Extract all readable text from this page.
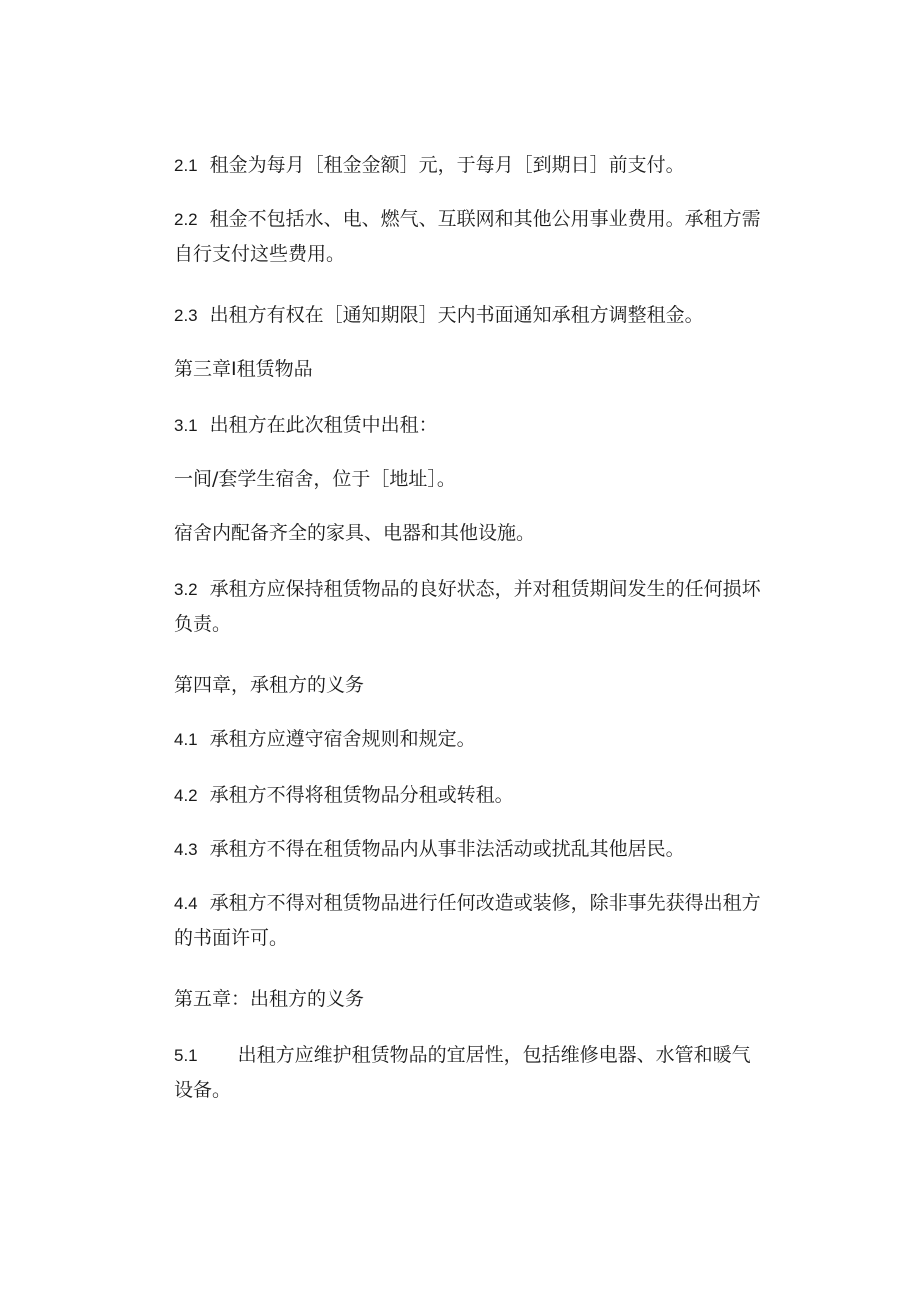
2.1 租金为每月［租金金额］元，于每月［到期日］前支付。

2.2 租金不包括水、电、燃气、互联网和其他公用事业费用。承租方需自行支付这些费用。

2.3 出租方有权在［通知期限］天内书面通知承租方调整租金。

第三章I租赁物品

3.1 出租方在此次租赁中出租：

一间/套学生宿舍，位于［地址］。

宿舍内配备齐全的家具、电器和其他设施。

3.2 承租方应保持租赁物品的良好状态，并对租赁期间发生的任何损坏负责。

第四章，承租方的义务

4.1 承租方应遵守宿舍规则和规定。

4.2 承租方不得将租赁物品分租或转租。

4.3 承租方不得在租赁物品内从事非法活动或扰乱其他居民。

4.4 承租方不得对租赁物品进行任何改造或装修，除非事先获得出租方的书面许可。

第五章：出租方的义务

5.1 出租方应维护租赁物品的宜居性，包括维修电器、水管和暖气设备。
